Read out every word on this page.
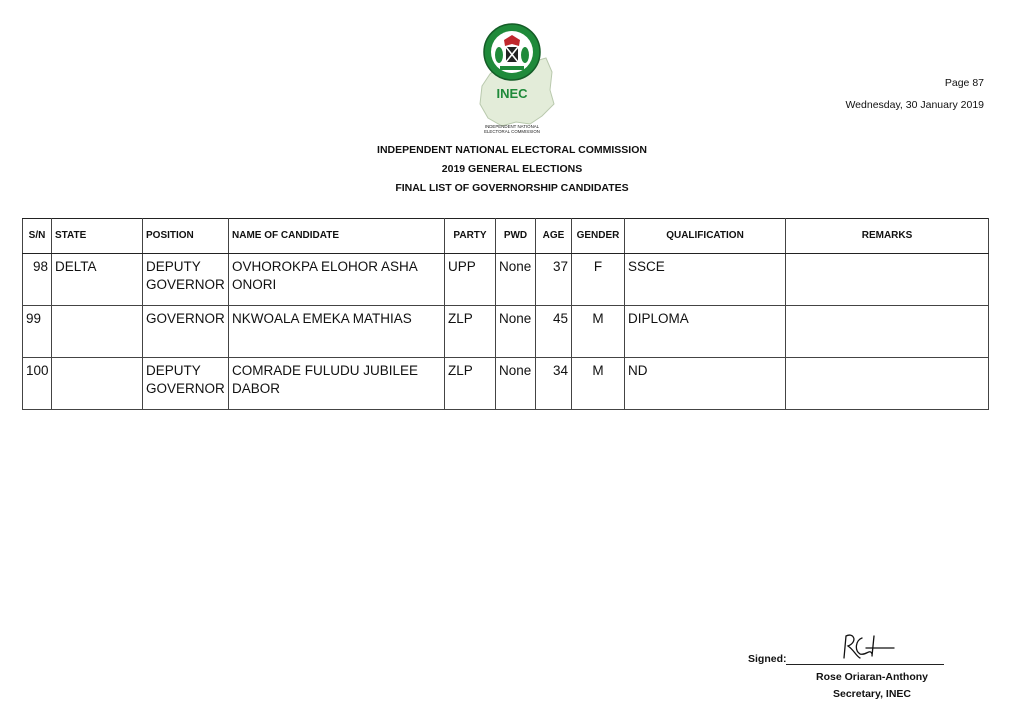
INEC
INDEPENDENT NATIONAL
ELECTORAL COMMISSION
Page 87
Wednesday, 30 January 2019
INDEPENDENT NATIONAL ELECTORAL COMMISSION
2019 GENERAL ELECTIONS
FINAL LIST OF GOVERNORSHIP CANDIDATES
S/N	STATE	POSITION	NAME OF CANDIDATE	PARTY	PWD	AGE	GENDER	QUALIFICATION	REMARKS
98	DELTA	DEPUTY GOVERNOR	OVHOROKPA ELOHOR ASHA ONORI	UPP	None	37	F	SSCE	
99		GOVERNOR	NKWOALA EMEKA MATHIAS	ZLP	None	45	M	DIPLOMA	
100		DEPUTY GOVERNOR	COMRADE FULUDU JUBILEE DABOR	ZLP	None	34	M	ND	
Signed:
Rose Oriaran-Anthony
Secretary, INEC
